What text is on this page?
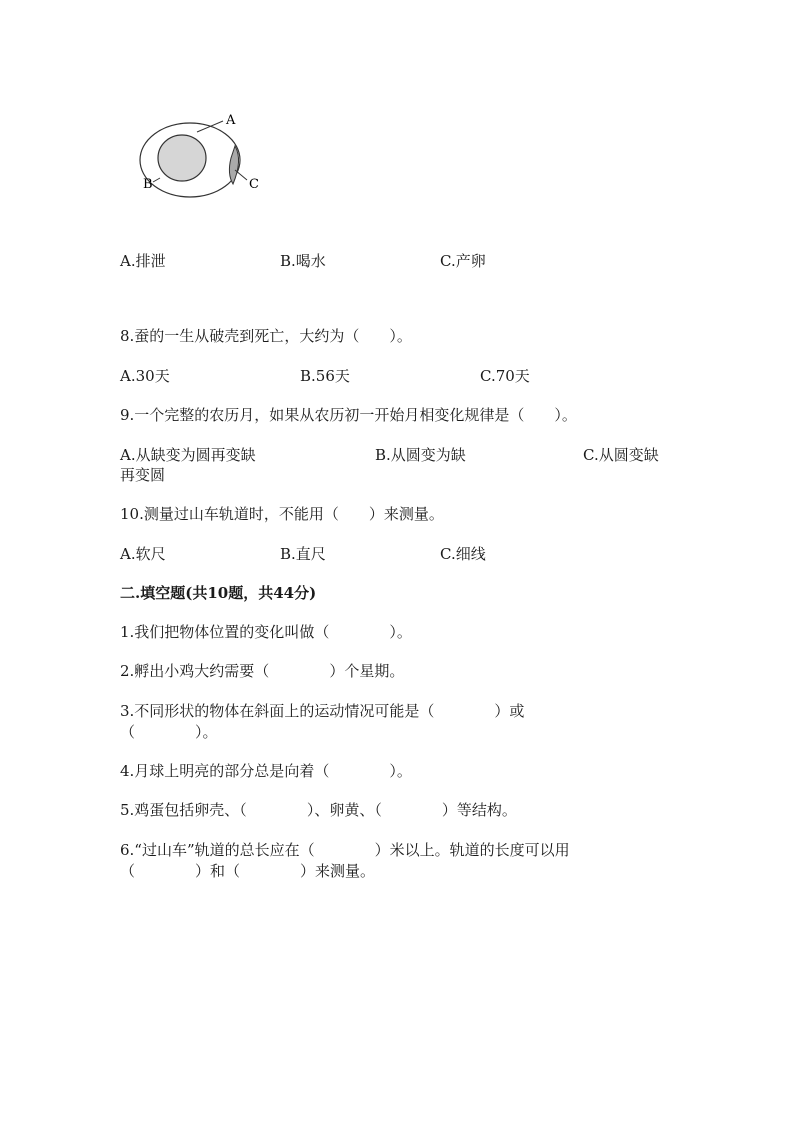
A
B	C
A.排泄	B.喝水	C.产卵
8.蚕的一生从破壳到死亡，大约为（　　）。
A.30天	B.56天	C.70天
9.一个完整的农历月，如果从农历初一开始月相变化规律是（　　）。
A.从缺变为圆再变缺	B.从圆变为缺	C.从圆变缺
再变圆
10.测量过山车轨道时，不能用（　　）来测量。
A.软尺	B.直尺	C.细线
二.填空题(共10题，共44分)
1.我们把物体位置的变化叫做（　　　　）。
2.孵出小鸡大约需要（　　　　）个星期。
3.不同形状的物体在斜面上的运动情况可能是（　　　　）或
（　　　　）。
4.月球上明亮的部分总是向着（　　　　）。
5.鸡蛋包括卵壳、（　　　　）、卵黄、（　　　　）等结构。
6.“过山车”轨道的总长应在（　　　　）米以上。轨道的长度可以用
（　　　　）和（　　　　）来测量。
